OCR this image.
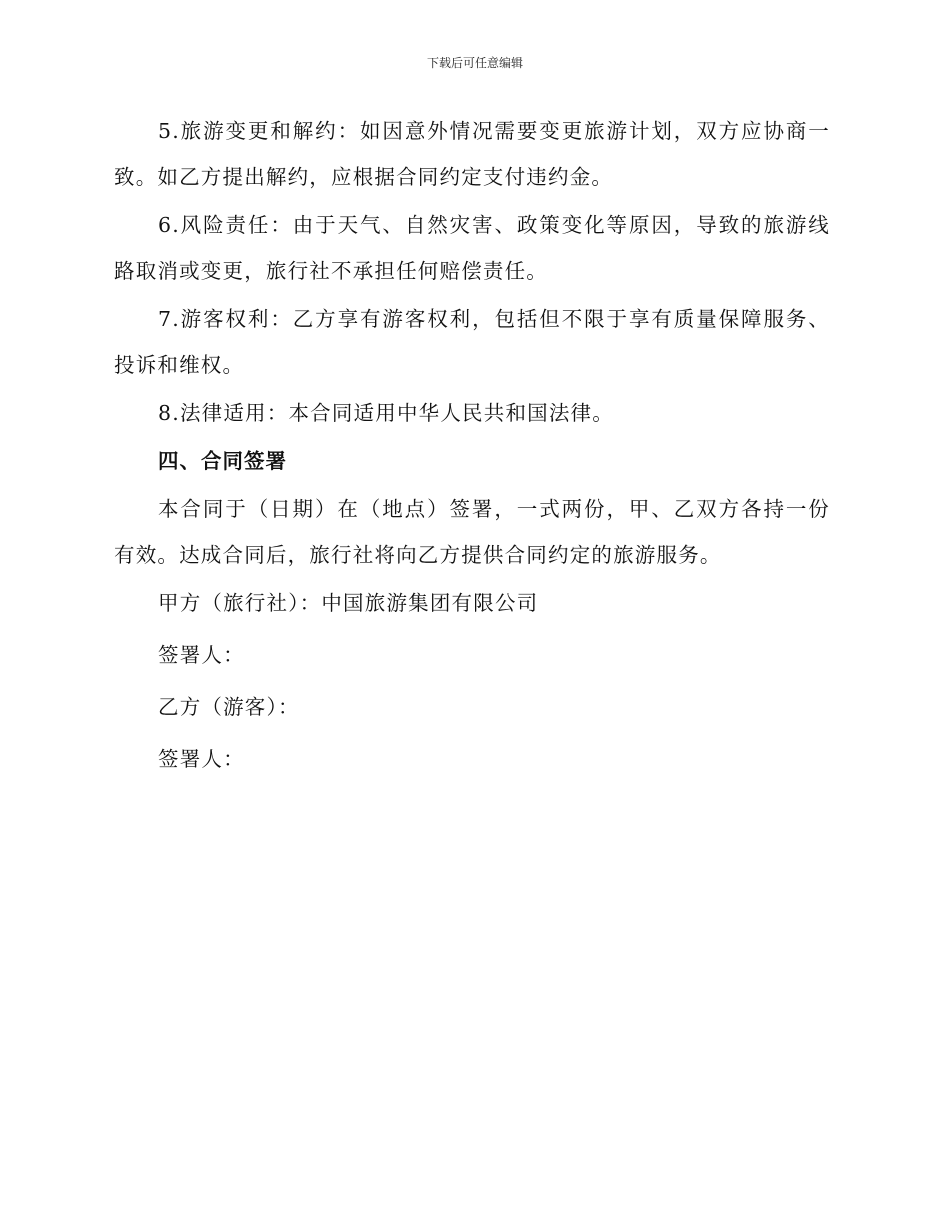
下载后可任意编辑

5.旅游变更和解约：如因意外情况需要变更旅游计划，双方应协商一致。如乙方提出解约，应根据合同约定支付违约金。

6.风险责任：由于天气、自然灾害、政策变化等原因，导致的旅游线路取消或变更，旅行社不承担任何赔偿责任。

7.游客权利：乙方享有游客权利，包括但不限于享有质量保障服务、投诉和维权。

8.法律适用：本合同适用中华人民共和国法律。

四、合同签署

本合同于（日期）在（地点）签署，一式两份，甲、乙双方各持一份有效。达成合同后，旅行社将向乙方提供合同约定的旅游服务。

甲方（旅行社）：中国旅游集团有限公司

签署人：

乙方（游客）：

签署人：
